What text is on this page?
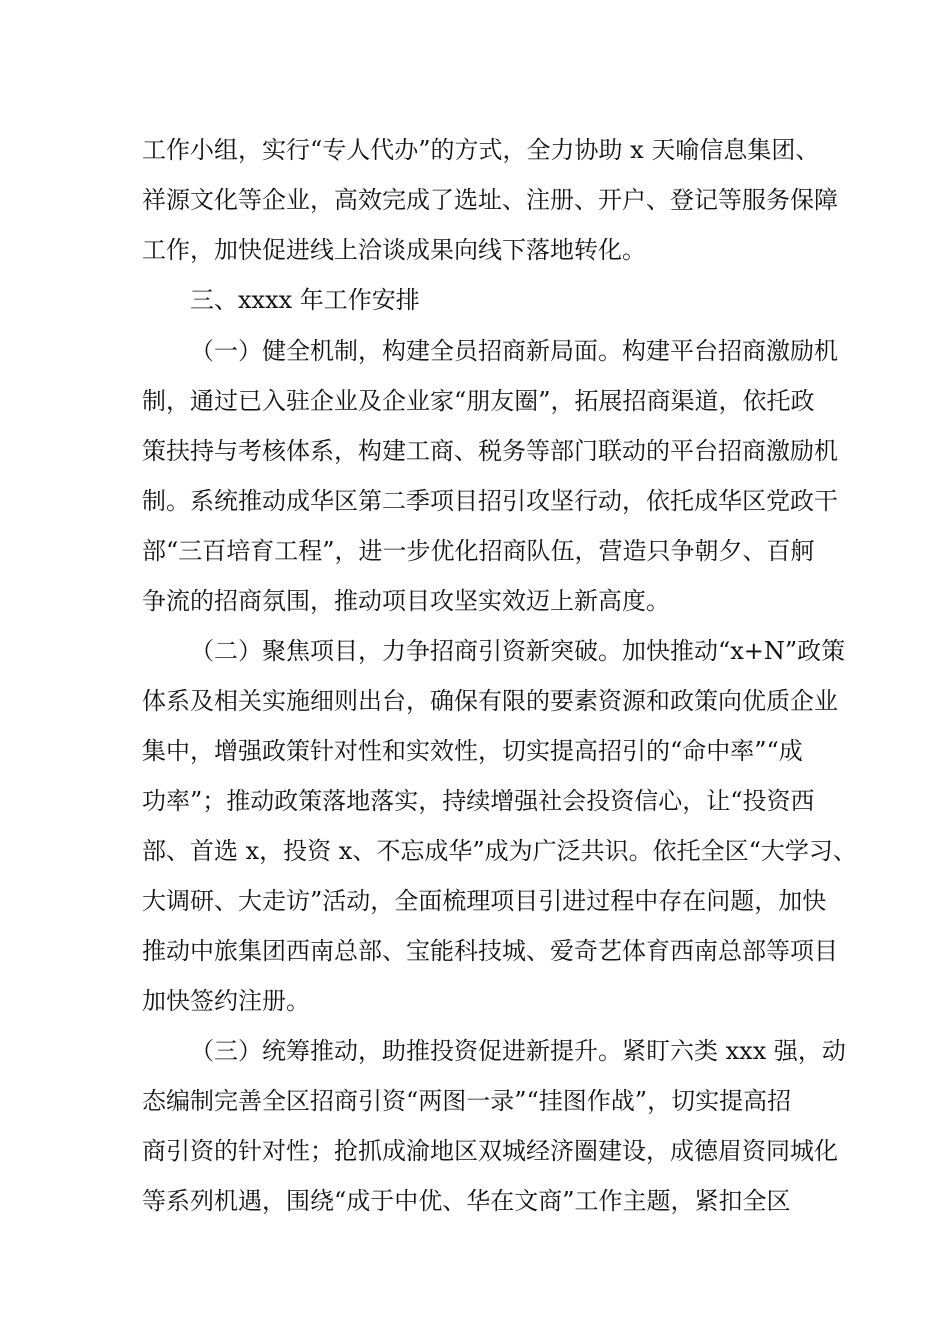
工作小组，实行“专人代办”的方式，全力协助 x 天喻信息集团、
祥源文化等企业，高效完成了选址、注册、开户、登记等服务保障
工作，加快促进线上洽谈成果向线下落地转化。
三、xxxx 年工作安排
（一）健全机制，构建全员招商新局面。构建平台招商激励机
制，通过已入驻企业及企业家“朋友圈”，拓展招商渠道，依托政
策扶持与考核体系，构建工商、税务等部门联动的平台招商激励机
制。系统推动成华区第二季项目招引攻坚行动，依托成华区党政干
部“三百培育工程”，进一步优化招商队伍，营造只争朝夕、百舸
争流的招商氛围，推动项目攻坚实效迈上新高度。
（二）聚焦项目，力争招商引资新突破。加快推动“x+N”政策
体系及相关实施细则出台，确保有限的要素资源和政策向优质企业
集中，增强政策针对性和实效性，切实提高招引的“命中率”“成
功率”；推动政策落地落实，持续增强社会投资信心，让“投资西
部、首选 x，投资 x、不忘成华”成为广泛共识。依托全区“大学习、
大调研、大走访”活动，全面梳理项目引进过程中存在问题，加快
推动中旅集团西南总部、宝能科技城、爱奇艺体育西南总部等项目
加快签约注册。
（三）统筹推动，助推投资促进新提升。紧盯六类 xxx 强，动
态编制完善全区招商引资“两图一录”“挂图作战”，切实提高招
商引资的针对性；抢抓成渝地区双城经济圈建设，成德眉资同城化
等系列机遇，围绕“成于中优、华在文商”工作主题，紧扣全区
